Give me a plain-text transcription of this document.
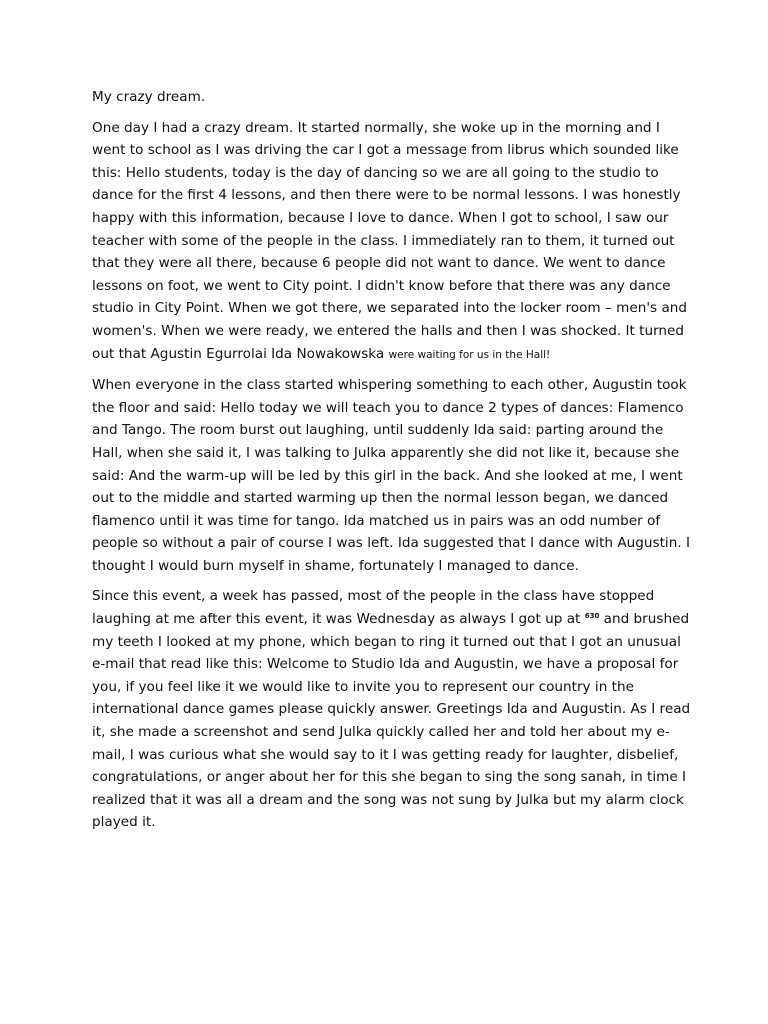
My crazy dream.

One day I had a crazy dream. It started normally, she woke up in the morning and I went to school as I was driving the car I got a message from librus which sounded like this: Hello students, today is the day of dancing so we are all going to the studio to dance for the first 4 lessons, and then there were to be normal lessons. I was honestly happy with this information, because I love to dance. When I got to school, I saw our teacher with some of the people in the class. I immediately ran to them, it turned out that they were all there, because 6 people did not want to dance. We went to dance lessons on foot, we went to City point. I didn't know before that there was any dance studio in City Point. When we got there, we separated into the locker room – men's and women's. When we were ready, we entered the halls and then I was shocked. It turned out that Agustin Egurrolai Ida Nowakowska were waiting for us in the Hall!

When everyone in the class started whispering something to each other, Augustin took the floor and said: Hello today we will teach you to dance 2 types of dances: Flamenco and Tango. The room burst out laughing, until suddenly Ida said: parting around the Hall, when she said it, I was talking to Julka apparently she did not like it, because she said: And the warm-up will be led by this girl in the back. And she looked at me, I went out to the middle and started warming up then the normal lesson began, we danced flamenco until it was time for tango. Ida matched us in pairs was an odd number of people so without a pair of course I was left. Ida suggested that I dance with Augustin. I thought I would burn myself in shame, fortunately I managed to dance.

Since this event, a week has passed, most of the people in the class have stopped laughing at me after this event, it was Wednesday as always I got up at $^{630}$ and brushed my teeth I looked at my phone, which began to ring it turned out that I got an unusual e-mail that read like this: Welcome to Studio Ida and Augustin, we have a proposal for you, if you feel like it we would like to invite you to represent our country in the international dance games please quickly answer. Greetings Ida and Augustin. As I read it, she made a screenshot and send Julka quickly called her and told her about my e-mail, I was curious what she would say to it I was getting ready for laughter, disbelief, congratulations, or anger about her for this she began to sing the song sanah, in time I realized that it was all a dream and the song was not sung by Julka but my alarm clock played it.
